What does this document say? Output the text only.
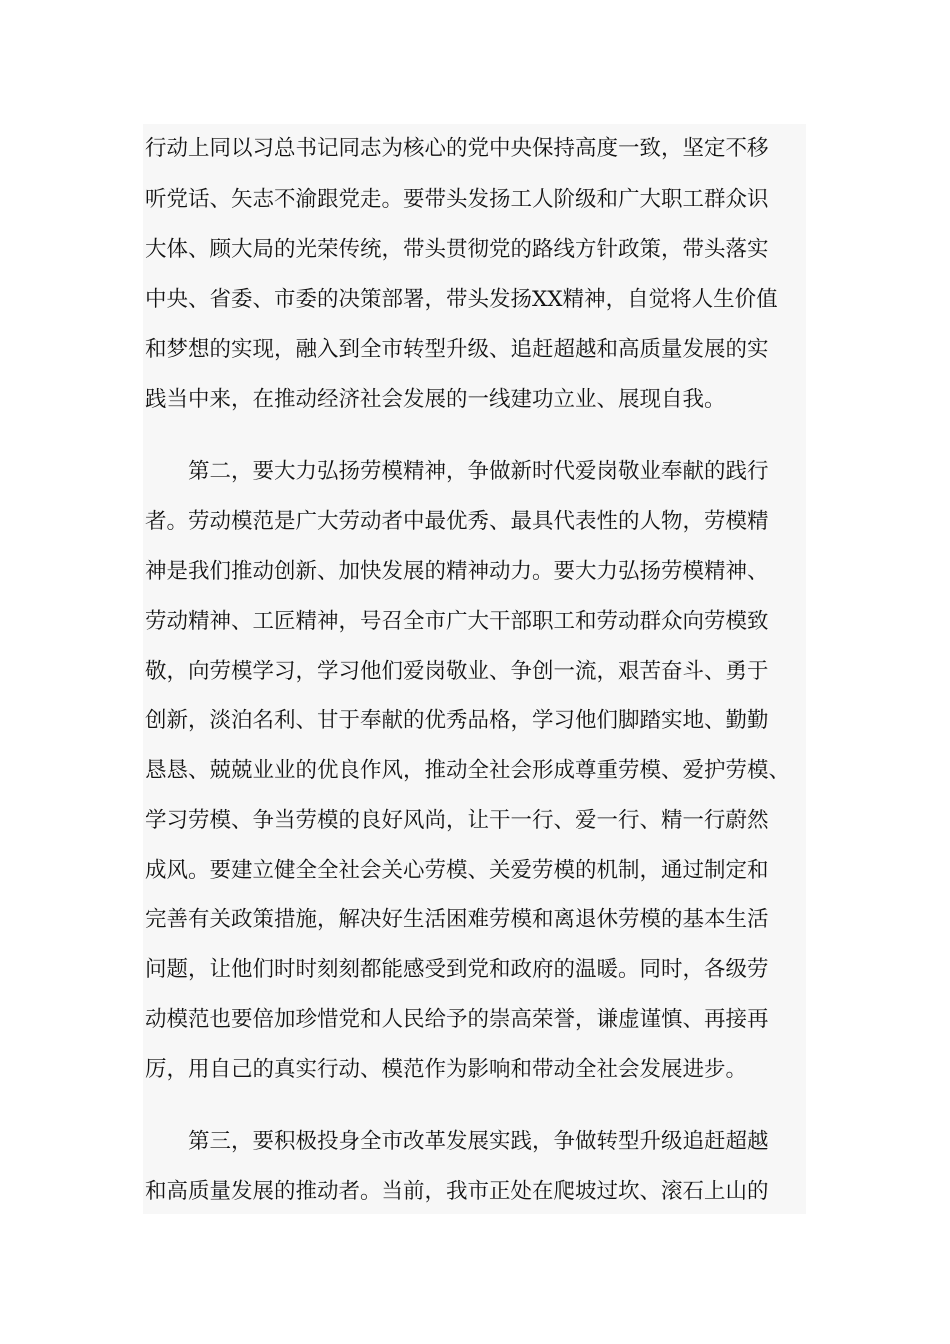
行动上同以习总书记同志为核心的党中央保持高度一致，坚定不移

听党话、矢志不渝跟党走。要带头发扬工人阶级和广大职工群众识

大体、顾大局的光荣传统，带头贯彻党的路线方针政策，带头落实

中央、省委、市委的决策部署，带头发扬XX精神，自觉将人生价值

和梦想的实现，融入到全市转型升级、追赶超越和高质量发展的实

践当中来，在推动经济社会发展的一线建功立业、展现自我。

　　第二，要大力弘扬劳模精神，争做新时代爱岗敬业奉献的践行

者。劳动模范是广大劳动者中最优秀、最具代表性的人物，劳模精

神是我们推动创新、加快发展的精神动力。要大力弘扬劳模精神、

劳动精神、工匠精神，号召全市广大干部职工和劳动群众向劳模致

敬，向劳模学习，学习他们爱岗敬业、争创一流，艰苦奋斗、勇于

创新，淡泊名利、甘于奉献的优秀品格，学习他们脚踏实地、勤勤

恳恳、兢兢业业的优良作风，推动全社会形成尊重劳模、爱护劳模、

学习劳模、争当劳模的良好风尚，让干一行、爱一行、精一行蔚然

成风。要建立健全全社会关心劳模、关爱劳模的机制，通过制定和

完善有关政策措施，解决好生活困难劳模和离退休劳模的基本生活

问题，让他们时时刻刻都能感受到党和政府的温暖。同时，各级劳

动模范也要倍加珍惜党和人民给予的崇高荣誉，谦虚谨慎、再接再

厉，用自己的真实行动、模范作为影响和带动全社会发展进步。

　　第三，要积极投身全市改革发展实践，争做转型升级追赶超越

和高质量发展的推动者。当前，我市正处在爬坡过坎、滚石上山的
